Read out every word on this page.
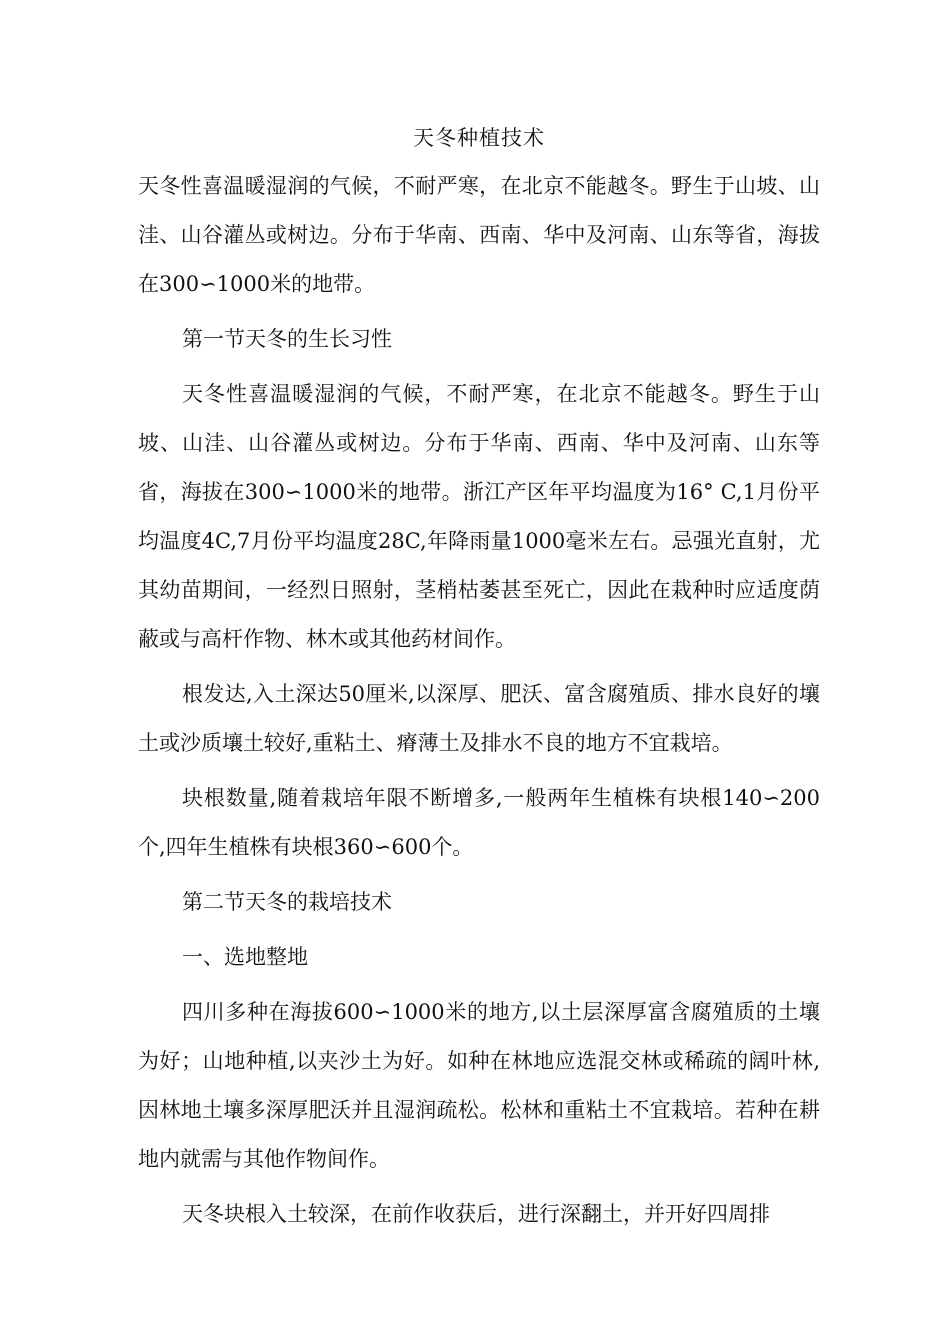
天冬种植技术

天冬性喜温暖湿润的气候，不耐严寒，在北京不能越冬。野生于山坡、山洼、山谷灌丛或树边。分布于华南、西南、华中及河南、山东等省，海拔在300∽1000米的地带。

第一节天冬的生长习性

天冬性喜温暖湿润的气候，不耐严寒，在北京不能越冬。野生于山坡、山洼、山谷灌丛或树边。分布于华南、西南、华中及河南、山东等省，海拔在300∽1000米的地带。浙江产区年平均温度为16° C,1月份平均温度4C,7月份平均温度28C,年降雨量1000毫米左右。忌强光直射，尤其幼苗期间，一经烈日照射，茎梢枯萎甚至死亡，因此在栽种时应适度荫蔽或与高杆作物、林木或其他药材间作。

根发达,入土深达50厘米,以深厚、肥沃、富含腐殖质、排水良好的壤土或沙质壤土较好,重粘土、瘠薄土及排水不良的地方不宜栽培。

块根数量,随着栽培年限不断增多,一般两年生植株有块根140∽200个,四年生植株有块根360∽600个。

第二节天冬的栽培技术
一、选地整地

四川多种在海拔600∽1000米的地方,以土层深厚富含腐殖质的土壤为好；山地种植,以夹沙土为好。如种在林地应选混交林或稀疏的阔叶林,因林地土壤多深厚肥沃并且湿润疏松。松林和重粘土不宜栽培。若种在耕地内就需与其他作物间作。

天冬块根入土较深，在前作收获后，进行深翻土，并开好四周排
